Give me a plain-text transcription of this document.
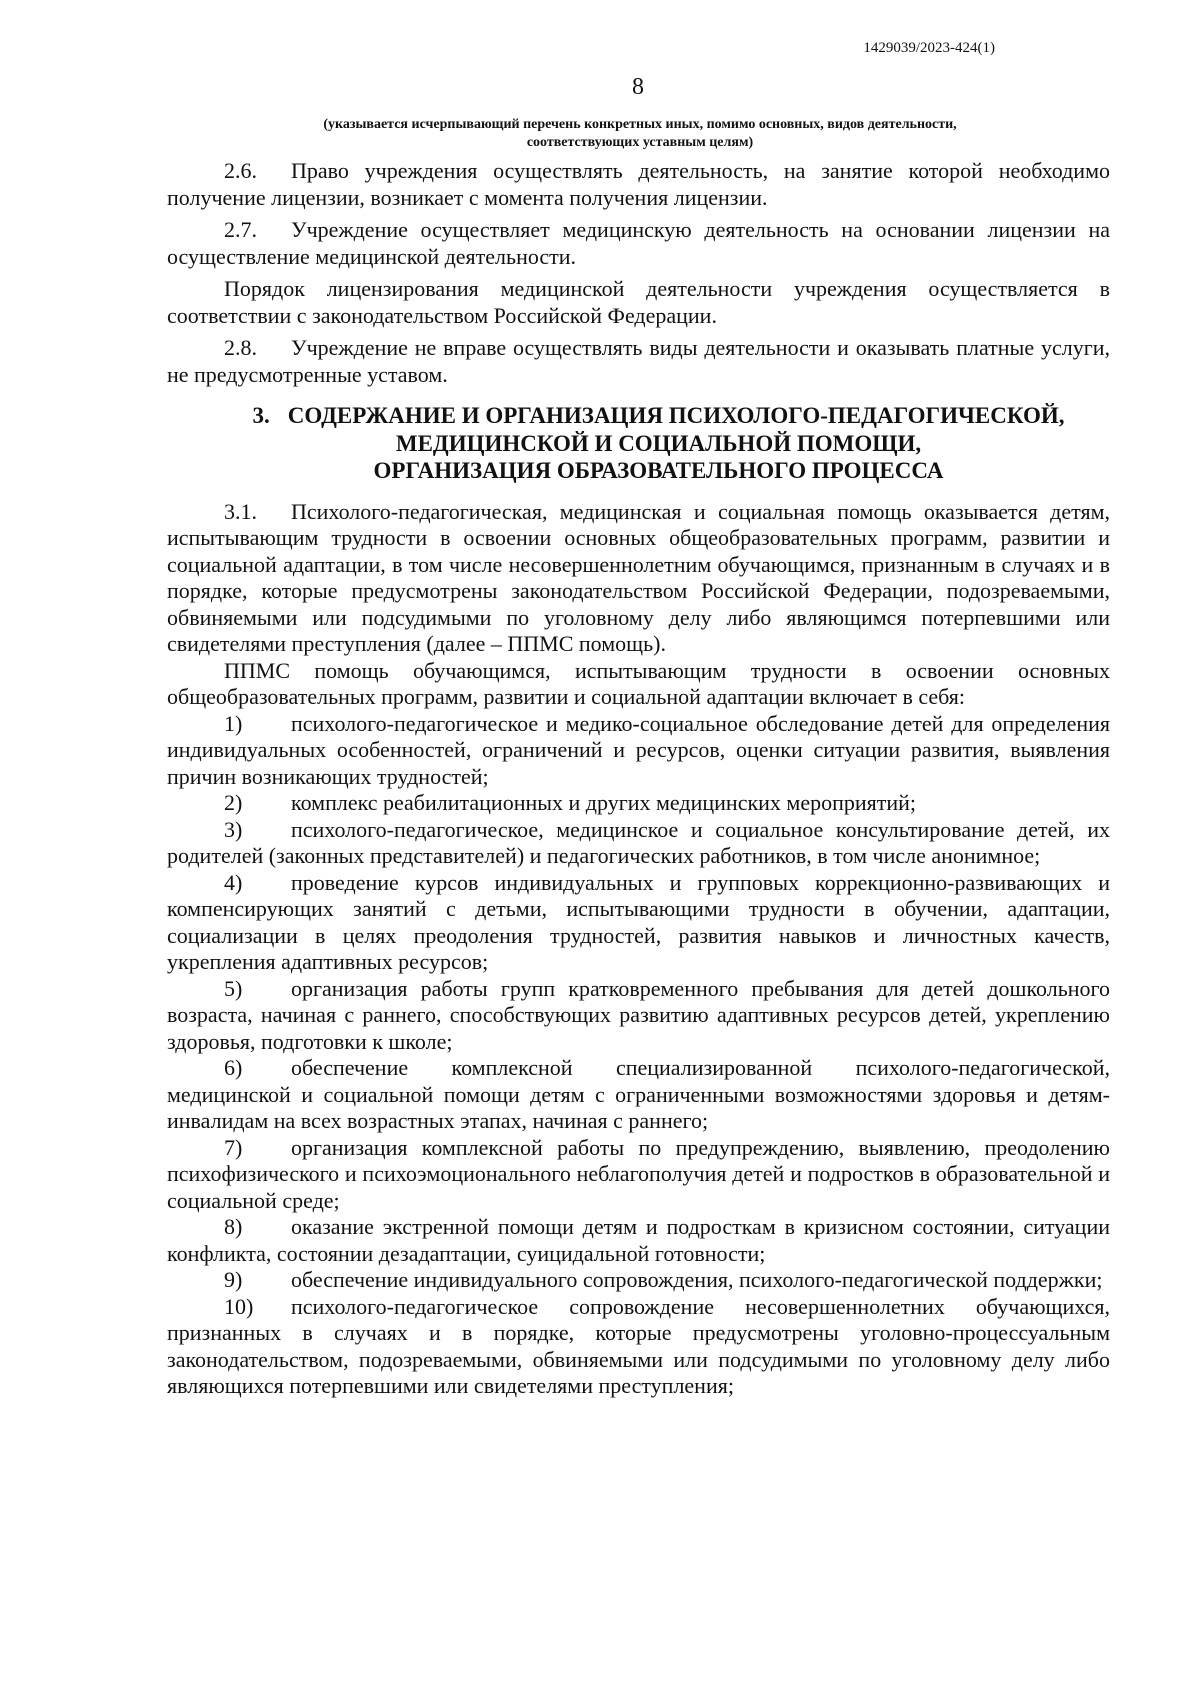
1429039/2023-424(1)
8
(указывается исчерпывающий перечень конкретных иных, помимо основных, видов деятельности,
соответствующих уставным целям)

2.6. Право учреждения осуществлять деятельность, на занятие которой необходимо получение лицензии, возникает с момента получения лицензии.

2.7. Учреждение осуществляет медицинскую деятельность на основании лицензии на осуществление медицинской деятельности.

Порядок лицензирования медицинской деятельности учреждения осуществляется в соответствии с законодательством Российской Федерации.

2.8. Учреждение не вправе осуществлять виды деятельности и оказывать платные услуги, не предусмотренные уставом.

3. СОДЕРЖАНИЕ И ОРГАНИЗАЦИЯ ПСИХОЛОГО-ПЕДАГОГИЧЕСКОЙ,
МЕДИЦИНСКОЙ И СОЦИАЛЬНОЙ ПОМОЩИ,
ОРГАНИЗАЦИЯ ОБРАЗОВАТЕЛЬНОГО ПРОЦЕССА

3.1. Психолого-педагогическая, медицинская и социальная помощь оказывается детям, испытывающим трудности в освоении основных общеобразовательных программ, развитии и социальной адаптации, в том числе несовершеннолетним обучающимся, признанным в случаях и в порядке, которые предусмотрены законодательством Российской Федерации, подозреваемыми, обвиняемыми или подсудимыми по уголовному делу либо являющимся потерпевшими или свидетелями преступления (далее – ППМС помощь).

ППМС помощь обучающимся, испытывающим трудности в освоении основных общеобразовательных программ, развитии и социальной адаптации включает в себя:

1) психолого-педагогическое и медико-социальное обследование детей для определения индивидуальных особенностей, ограничений и ресурсов, оценки ситуации развития, выявления причин возникающих трудностей;

2) комплекс реабилитационных и других медицинских мероприятий;

3) психолого-педагогическое, медицинское и социальное консультирование детей, их родителей (законных представителей) и педагогических работников, в том числе анонимное;

4) проведение курсов индивидуальных и групповых коррекционно-развивающих и компенсирующих занятий с детьми, испытывающими трудности в обучении, адаптации, социализации в целях преодоления трудностей, развития навыков и личностных качеств, укрепления адаптивных ресурсов;

5) организация работы групп кратковременного пребывания для детей дошкольного возраста, начиная с раннего, способствующих развитию адаптивных ресурсов детей, укреплению здоровья, подготовки к школе;

6) обеспечение комплексной специализированной психолого-педагогической, медицинской и социальной помощи детям с ограниченными возможностями здоровья и детям-инвалидам на всех возрастных этапах, начиная с раннего;

7) организация комплексной работы по предупреждению, выявлению, преодолению психофизического и психоэмоционального неблагополучия детей и подростков в образовательной и социальной среде;

8) оказание экстренной помощи детям и подросткам в кризисном состоянии, ситуации конфликта, состоянии дезадаптации, суицидальной готовности;

9) обеспечение индивидуального сопровождения, психолого-педагогической поддержки;

10) психолого-педагогическое сопровождение несовершеннолетних обучающихся, признанных в случаях и в порядке, которые предусмотрены уголовно-процессуальным законодательством, подозреваемыми, обвиняемыми или подсудимыми по уголовному делу либо являющихся потерпевшими или свидетелями преступления;
